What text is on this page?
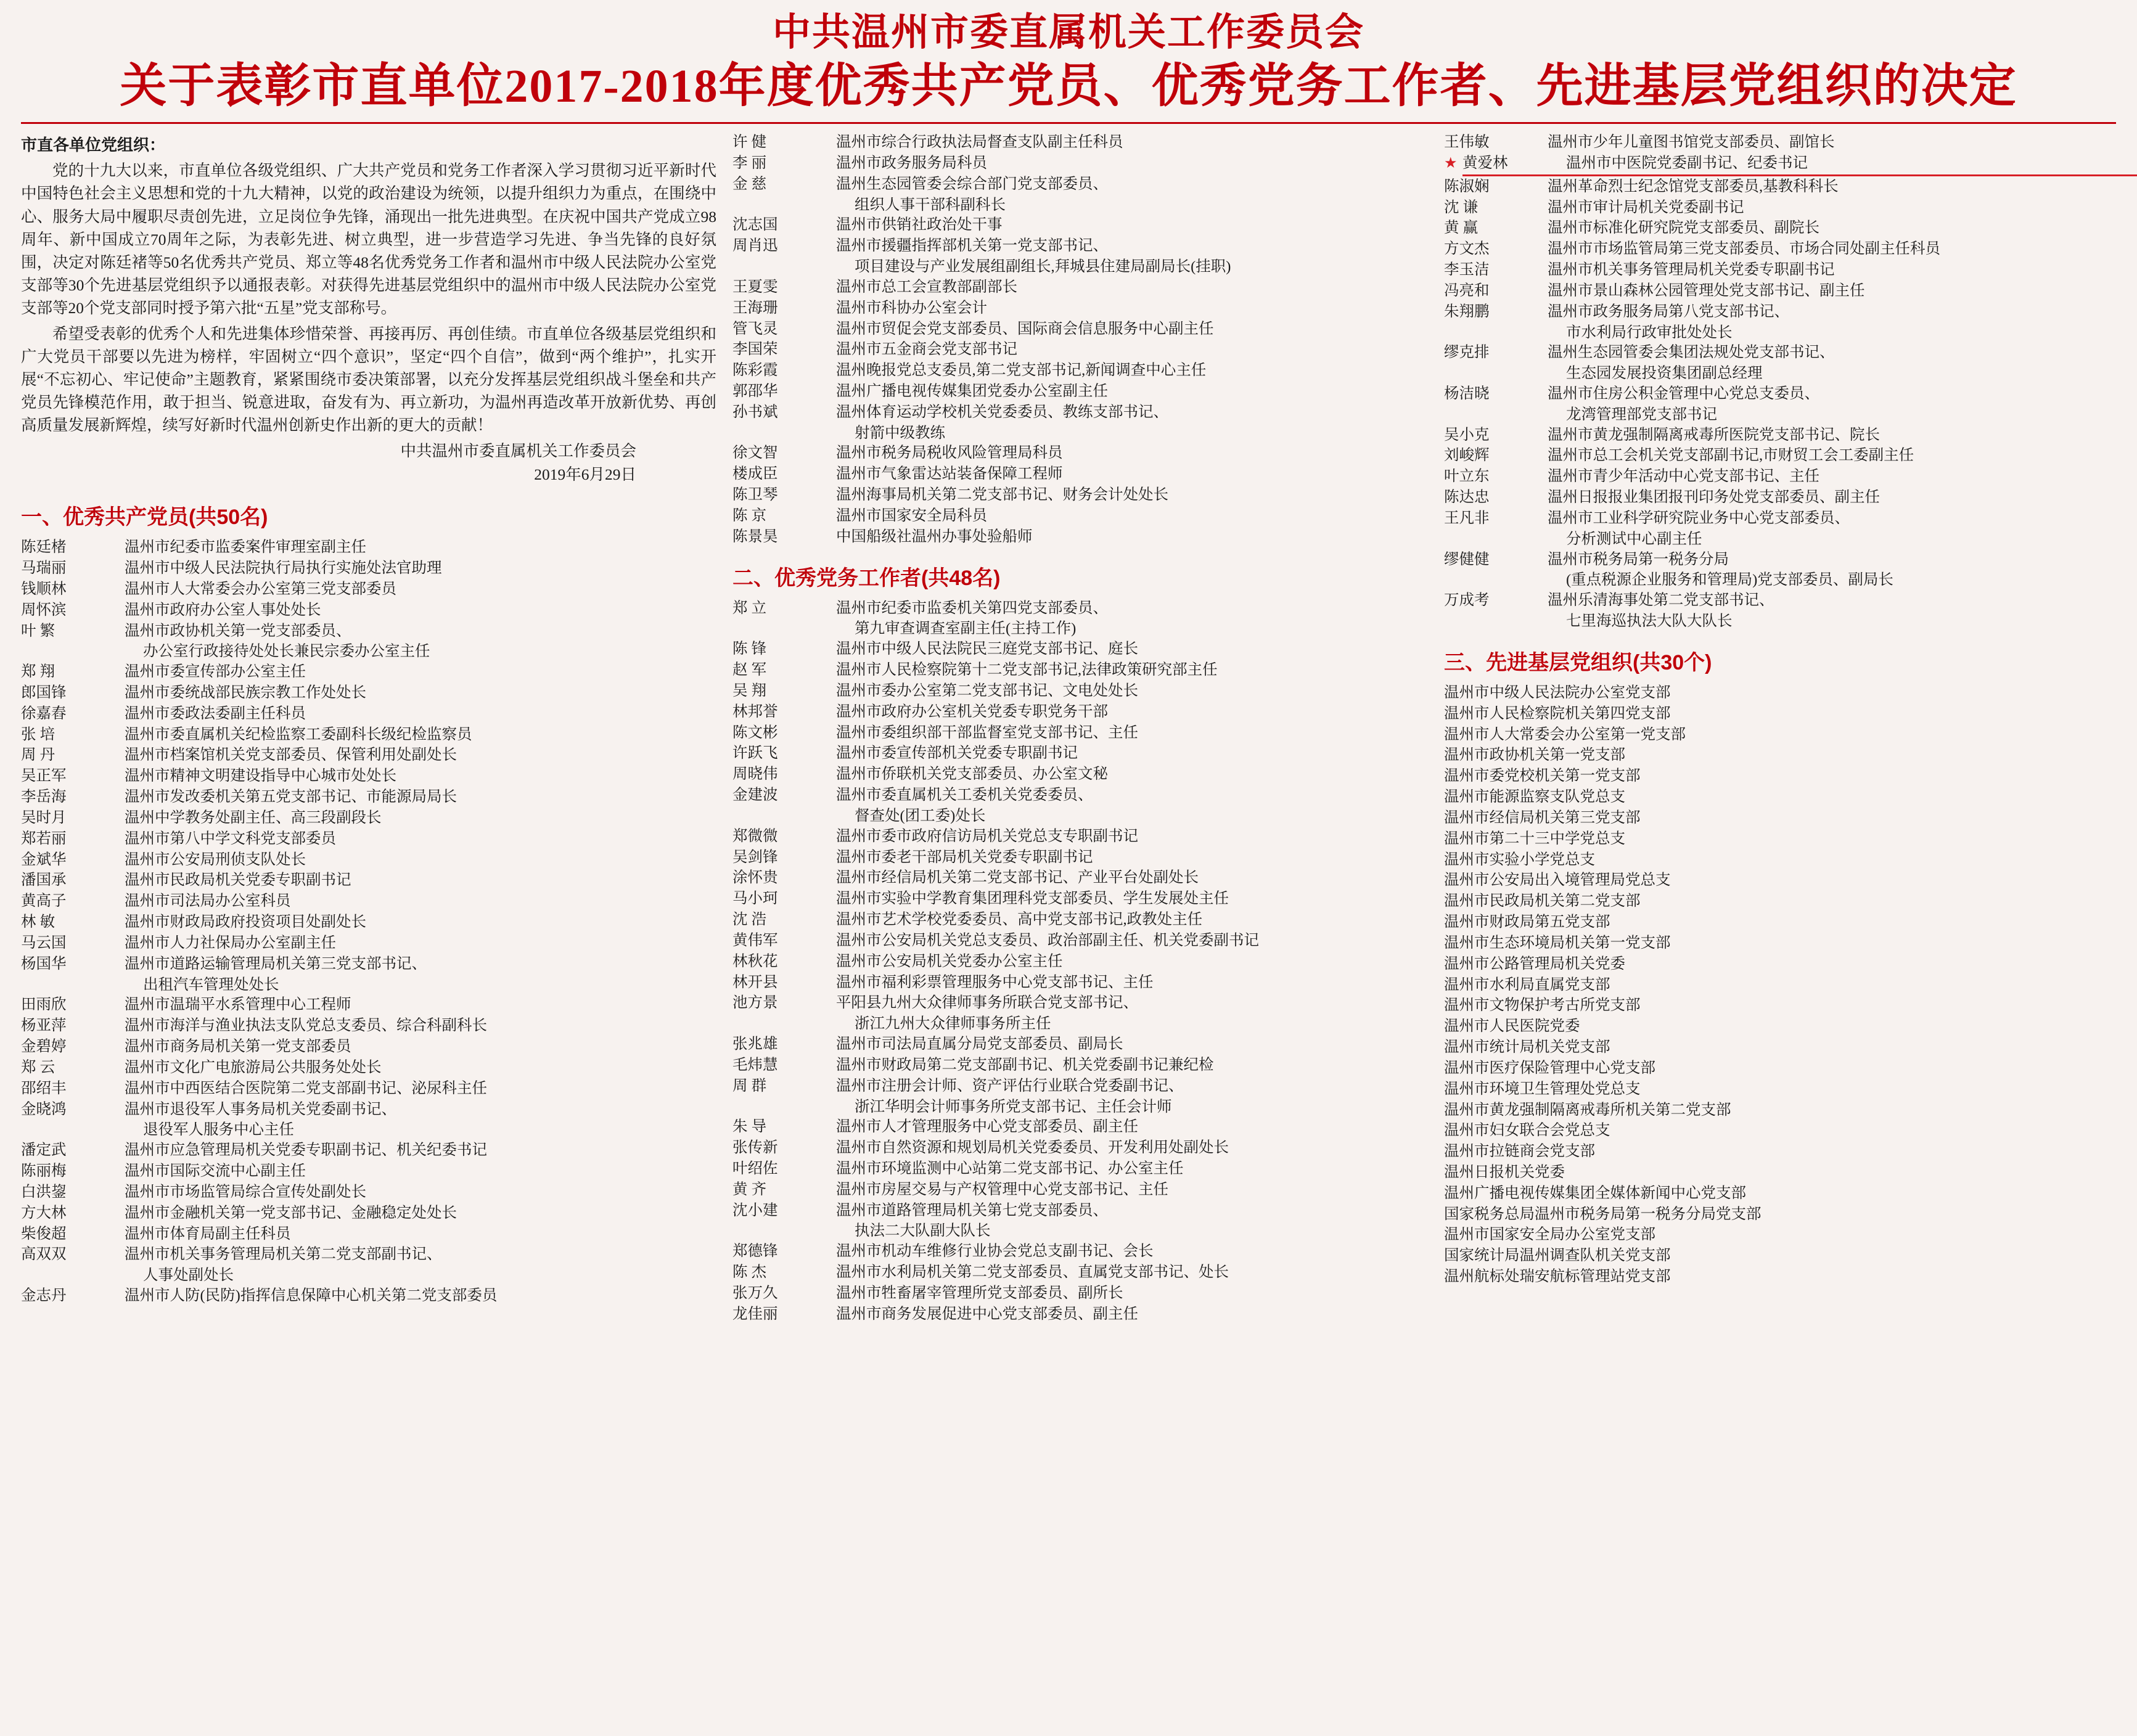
中共温州市委直属机关工作委员会
关于表彰市直单位2017-2018年度优秀共产党员、优秀党务工作者、先进基层党组织的决定
市直各单位党组织：
党的十九大以来，市直单位各级党组织、广大共产党员和党务工作者深入学习贯彻习近平新时代中国特色社会主义思想和党的十九大精神，以党的政治建设为统领，以提升组织力为重点，在围绕中心、服务大局中履职尽责创先进，立足岗位争先锋，涌现出一批先进典型。在庆祝中国共产党成立98周年、新中国成立70周年之际，为表彰先进、树立典型，进一步营造学习先进、争当先锋的良好氛围，决定对陈廷褚等50名优秀共产党员、郑立等48名优秀党务工作者和温州市中级人民法院办公室党支部等30个先进基层党组织予以通报表彰。对获得先进基层党组织中的温州市中级人民法院办公室党支部等20个党支部同时授予第六批“五星”党支部称号。
希望受表彰的优秀个人和先进集体珍惜荣誉、再接再厉、再创佳绩。市直单位各级基层党组织和广大党员干部要以先进为榜样，牢固树立“四个意识”，坚定“四个自信”，做到“两个维护”，扎实开展“不忘初心、牢记使命”主题教育，紧紧围绕市委决策部署，以充分发挥基层党组织战斗堡垒和共产党员先锋模范作用，敢于担当、锐意进取，奋发有为、再立新功，为温州再造改革开放新优势、再创高质量发展新辉煌，续写好新时代温州创新史作出新的更大的贡献！
中共温州市委直属机关工作委员会
2019年6月29日
一、优秀共产党员(共50名)
陈廷楮	温州市纪委市监委案件审理室副主任
马瑞丽	温州市中级人民法院执行局执行实施处法官助理
钱顺林	温州市人大常委会办公室第三党支部委员
周怀滨	温州市政府办公室人事处处长
叶 繁	温州市政协机关第一党支部委员、
办公室行政接待处处长兼民宗委办公室主任
郑 翔	温州市委宣传部办公室主任
郎国锋	温州市委统战部民族宗教工作处处长
徐嘉舂	温州市委政法委副主任科员
张 培	温州市委直属机关纪检监察工委副科长级纪检监察员
周 丹	温州市档案馆机关党支部委员、保管利用处副处长
吴正军	温州市精神文明建设指导中心城市处处长
李岳海	温州市发改委机关第五党支部书记、市能源局局长
吴时月	温州中学教务处副主任、高三段副段长
郑若丽	温州市第八中学文科党支部委员
金斌华	温州市公安局刑侦支队处长
潘国承	温州市民政局机关党委专职副书记
黄高子	温州市司法局办公室科员
林 敏	温州市财政局政府投资项目处副处长
马云国	温州市人力社保局办公室副主任
杨国华	温州市道路运输管理局机关第三党支部书记、
出租汽车管理处处长
田雨欣	温州市温瑞平水系管理中心工程师
杨亚萍	温州市海洋与渔业执法支队党总支委员、综合科副科长
金碧婷	温州市商务局机关第一党支部委员
郑 云	温州市文化广电旅游局公共服务处处长
邵绍丰	温州市中西医结合医院第二党支部副书记、泌尿科主任
金晓鸿	温州市退役军人事务局机关党委副书记、
退役军人服务中心主任
潘定武	温州市应急管理局机关党委专职副书记、机关纪委书记
陈丽梅	温州市国际交流中心副主任
白洪鋆	温州市市场监管局综合宣传处副处长
方大林	温州市金融机关第一党支部书记、金融稳定处处长
柴俊超	温州市体育局副主任科员
高双双	温州市机关事务管理局机关第二党支部副书记、
人事处副处长
金志丹	温州市人防(民防)指挥信息保障中心机关第二党支部委员
许 健	温州市综合行政执法局督查支队副主任科员
李 丽	温州市政务服务局科员
金 慈	温州生态园管委会综合部门党支部委员、
组织人事干部科副科长
沈志国	温州市供销社政治处干事
周肖迅	温州市援疆指挥部机关第一党支部书记、
项目建设与产业发展组副组长,拜城县住建局副局长(挂职)
王夏雯	温州市总工会宣教部副部长
王海珊	温州市科协办公室会计
管飞灵	温州市贸促会党支部委员、国际商会信息服务中心副主任
李国荣	温州市五金商会党支部书记
陈彩霞	温州晚报党总支委员,第二党支部书记,新闻调查中心主任
郭邵华	温州广播电视传媒集团党委办公室副主任
孙书斌	温州体育运动学校机关党委委员、教练支部书记、
射箭中级教练
徐文智	温州市税务局税收风险管理局科员
楼成臣	温州市气象雷达站装备保障工程师
陈卫琴	温州海事局机关第二党支部书记、财务会计处处长
陈 京	温州市国家安全局科员
陈景昊	中国船级社温州办事处验船师
二、优秀党务工作者(共48名)
郑 立	温州市纪委市监委机关第四党支部委员、
第九审查调查室副主任(主持工作)
陈 锋	温州市中级人民法院民三庭党支部书记、庭长
赵 军	温州市人民检察院第十二党支部书记,法律政策研究部主任
吴 翔	温州市委办公室第二党支部书记、文电处处长
林邦誉	温州市政府办公室机关党委专职党务干部
陈文彬	温州市委组织部干部监督室党支部书记、主任
许跃飞	温州市委宣传部机关党委专职副书记
周晓伟	温州市侨联机关党支部委员、办公室文秘
金建波	温州市委直属机关工委机关党委委员、
督查处(团工委)处长
郑微微	温州市委市政府信访局机关党总支专职副书记
吴剑锋	温州市委老干部局机关党委专职副书记
涂怀贵	温州市经信局机关第二党支部书记、产业平台处副处长
马小珂	温州市实验中学教育集团理科党支部委员、学生发展处主任
沈 浩	温州市艺术学校党委委员、高中党支部书记,政教处主任
黄伟军	温州市公安局机关党总支委员、政治部副主任、机关党委副书记
林秋花	温州市公安局机关党委办公室主任
林开县	温州市福利彩票管理服务中心党支部书记、主任
池方景	平阳县九州大众律师事务所联合党支部书记、
浙江九州大众律师事务所主任
张兆雄	温州市司法局直属分局党支部委员、副局长
毛炜慧	温州市财政局第二党支部副书记、机关党委副书记兼纪检
周 群	温州市注册会计师、资产评估行业联合党委副书记、
浙江华明会计师事务所党支部书记、主任会计师
朱 导	温州市人才管理服务中心党支部委员、副主任
张传新	温州市自然资源和规划局机关党委委员、开发利用处副处长
叶绍佐	温州市环境监测中心站第二党支部书记、办公室主任
黄 齐	温州市房屋交易与产权管理中心党支部书记、主任
沈小建	温州市道路管理局机关第七党支部委员、
执法二大队副大队长
郑德锋	温州市机动车维修行业协会党总支副书记、会长
陈 杰	温州市水利局机关第二党支部委员、直属党支部书记、处长
张万久	温州市牲畜屠宰管理所党支部委员、副所长
龙佳丽	温州市商务发展促进中心党支部委员、副主任
王伟敏	温州市少年儿童图书馆党支部委员、副馆长
★ 黄爱林	温州市中医院党委副书记、纪委书记
陈淑娴	温州革命烈士纪念馆党支部委员,基教科科长
沈 谦	温州市审计局机关党委副书记
黄 赢	温州市标准化研究院党支部委员、副院长
方文杰	温州市市场监管局第三党支部委员、市场合同处副主任科员
李玉洁	温州市机关事务管理局机关党委专职副书记
冯亮和	温州市景山森林公园管理处党支部书记、副主任
朱翔鹏	温州市政务服务局第八党支部书记、
市水利局行政审批处处长
缪克排	温州生态园管委会集团法规处党支部书记、
生态园发展投资集团副总经理
杨洁晓	温州市住房公积金管理中心党总支委员、
龙湾管理部党支部书记
吴小克	温州市黄龙强制隔离戒毒所医院党支部书记、院长
刘峻辉	温州市总工会机关党支部副书记,市财贸工会工委副主任
叶立东	温州市青少年活动中心党支部书记、主任
陈达忠	温州日报报业集团报刊印务处党支部委员、副主任
王凡非	温州市工业科学研究院业务中心党支部委员、
分析测试中心副主任
缪健健	温州市税务局第一税务分局
(重点税源企业服务和管理局)党支部委员、副局长
万成考	温州乐清海事处第二党支部书记、
七里海巡执法大队大队长
三、先进基层党组织(共30个)
温州市中级人民法院办公室党支部
温州市人民检察院机关第四党支部
温州市人大常委会办公室第一党支部
温州市政协机关第一党支部
温州市委党校机关第一党支部
温州市能源监察支队党总支
温州市经信局机关第三党支部
温州市第二十三中学党总支
温州市实验小学党总支
温州市公安局出入境管理局党总支
温州市民政局机关第二党支部
温州市财政局第五党支部
温州市生态环境局机关第一党支部
温州市公路管理局机关党委
温州市水利局直属党支部
温州市文物保护考古所党支部
温州市人民医院党委
温州市统计局机关党支部
温州市医疗保险管理中心党支部
温州市环境卫生管理处党总支
温州市黄龙强制隔离戒毒所机关第二党支部
温州市妇女联合会党总支
温州市拉链商会党支部
温州日报机关党委
温州广播电视传媒集团全媒体新闻中心党支部
国家税务总局温州市税务局第一税务分局党支部
温州市国家安全局办公室党支部
国家统计局温州调查队机关党支部
温州航标处瑞安航标管理站党支部
